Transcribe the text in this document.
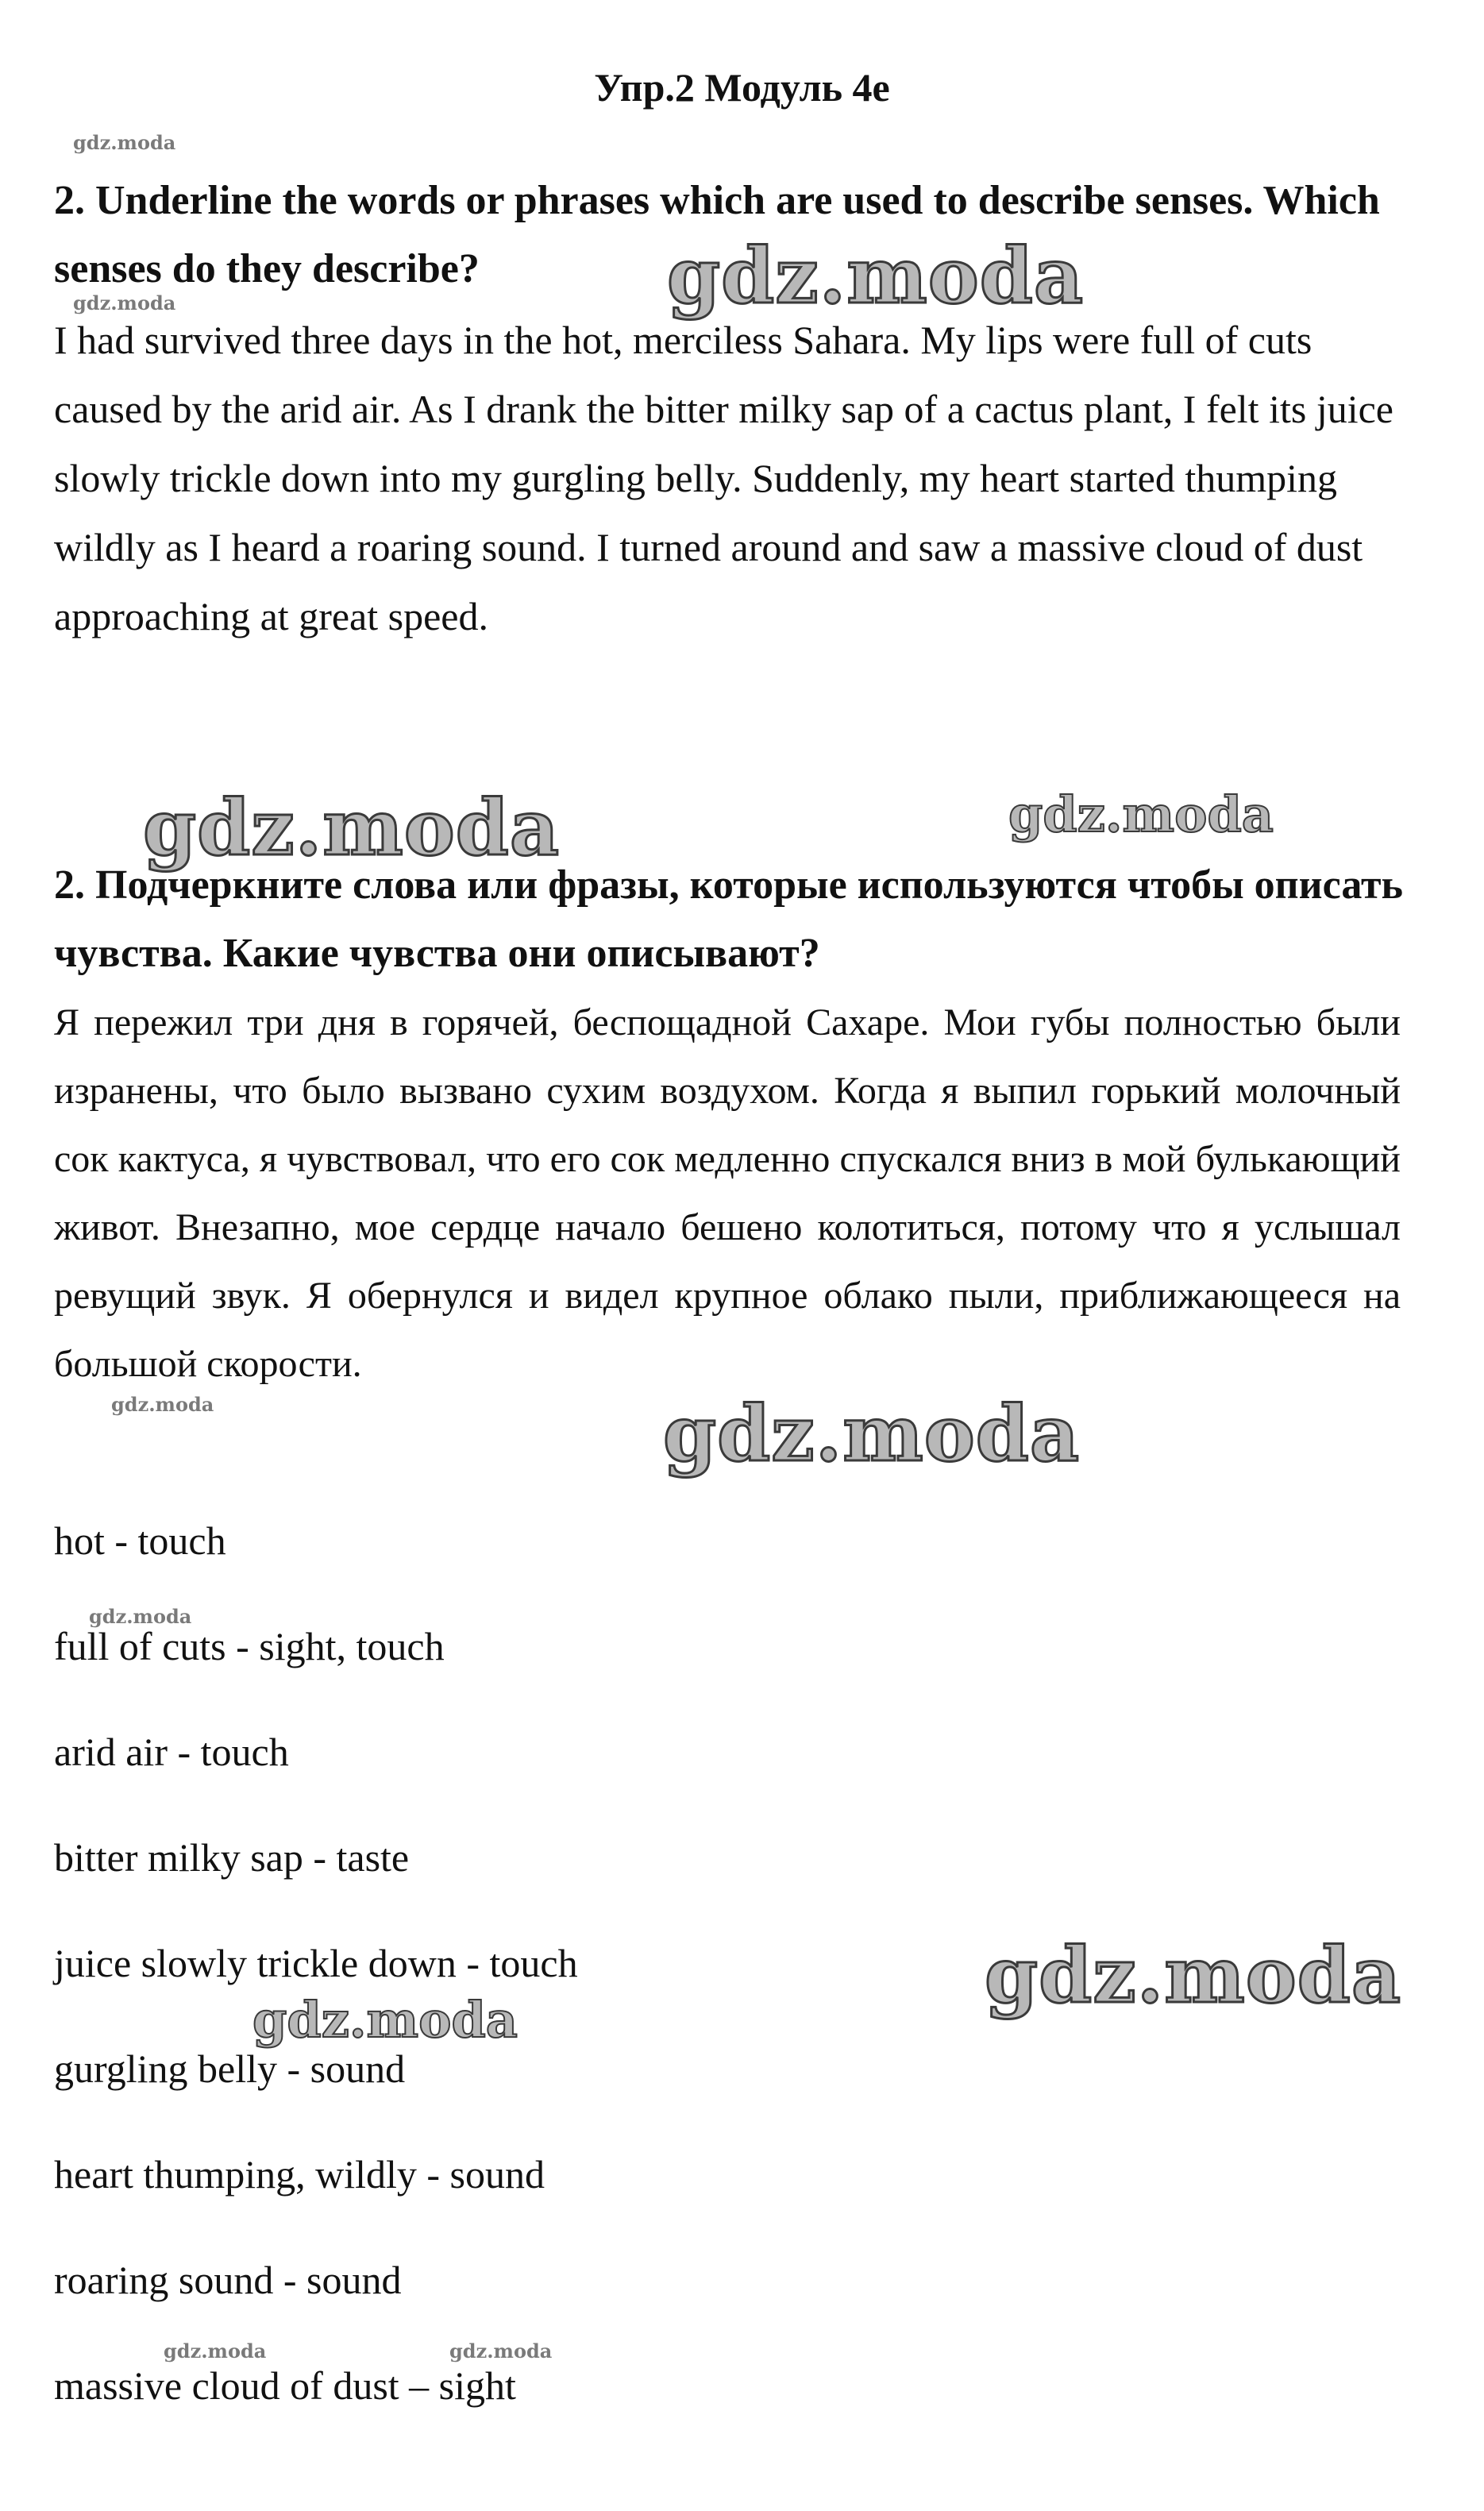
Упр.2 Модуль 4е
2. Underline the words or phrases which are used to describe senses. Which senses do they describe?

I had survived three days in the hot, merciless Sahara. My lips were full of cuts caused by the arid air. As I drank the bitter milky sap of a cactus plant, I felt its juice slowly trickle down into my gurgling belly. Suddenly, my heart started thumping wildly as I heard a roaring sound. I turned around and saw a massive cloud of dust approaching at great speed.

2. Подчеркните слова или фразы, которые используются чтобы описать чувства. Какие чувства они описывают?

Я пережил три дня в горячей, беспощадной Сахаре. Мои губы полностью были изранены, что было вызвано сухим воздухом. Когда я выпил горький молочный сок кактуса, я чувствовал, что его сок медленно спускался вниз в мой булькающий живот. Внезапно, мое сердце начало бешено колотиться, потому что я услышал ревущий звук. Я обернулся и видел крупное облако пыли, приближающееся на большой скорости.

hot - touch
full of cuts - sight, touch
arid air - touch
bitter milky sap - taste
juice slowly trickle down - touch
gurgling belly - sound
heart thumping, wildly - sound
roaring sound - sound
massive cloud of dust – sight
gdz.moda
gdz.moda	gdz.moda
gdz.moda	gdz.moda
gdz.moda	gdz.moda
gdz.moda
gdz.moda
gdz.moda
gdz.moda	gdz.moda
